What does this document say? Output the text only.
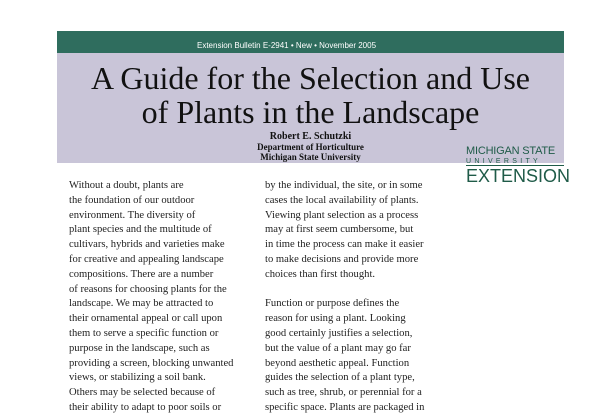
Extension Bulletin E-2941 • New • November 2005
A Guide for the Selection and Use
of Plants in the Landscape
Robert E. Schutzki
Department of Horticulture
Michigan State University	MICHIGAN STATE
UNIVERSITY
EXTENSION
Without a doubt, plants are
the foundation of our outdoor
environment. The diversity of
plant species and the multitude of
cultivars, hybrids and varieties make
for creative and appealing landscape
compositions. There are a number
of reasons for choosing plants for the
landscape. We may be attracted to
their ornamental appeal or call upon
them to serve a specific function or
purpose in the landscape, such as
providing a screen, blocking unwanted
views, or stabilizing a soil bank.
Others may be selected because of
their ability to adapt to poor soils or
by the individual, the site, or in some
cases the local availability of plants.
Viewing plant selection as a process
may at first seem cumbersome, but
in time the process can make it easier
to make decisions and provide more
choices than first thought.
Function or purpose defines the
reason for using a plant. Looking
good certainly justifies a selection,
but the value of a plant may go far
beyond aesthetic appeal. Function
guides the selection of a plant type,
such as tree, shrub, or perennial for a
specific space. Plants are packaged in
